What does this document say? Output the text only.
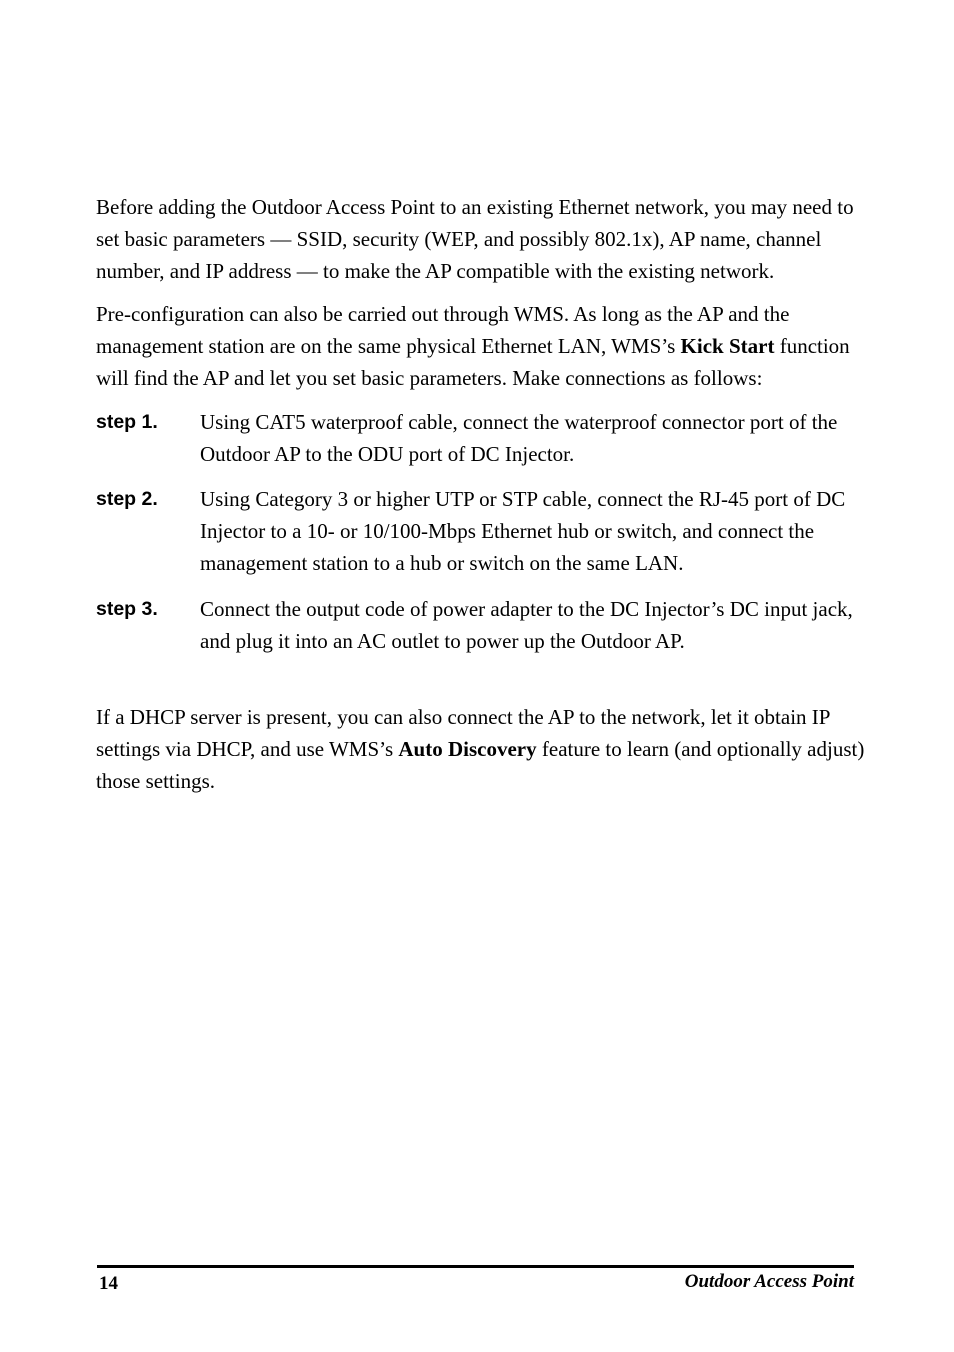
Before adding the Outdoor Access Point to an existing Ethernet network, you may need to set basic parameters — SSID, security (WEP, and possibly 802.1x), AP name, channel number, and IP address — to make the AP compatible with the existing network.

Pre-configuration can also be carried out through WMS. As long as the AP and the management station are on the same physical Ethernet LAN, WMS’s Kick Start function will find the AP and let you set basic parameters. Make connections as follows:

step 1.	Using CAT5 waterproof cable, connect the waterproof connector port of the Outdoor AP to the ODU port of DC Injector.
step 2.	Using Category 3 or higher UTP or STP cable, connect the RJ-45 port of DC Injector to a 10- or 10/100-Mbps Ethernet hub or switch, and connect the management station to a hub or switch on the same LAN.
step 3.	Connect the output code of power adapter to the DC Injector’s DC input jack, and plug it into an AC outlet to power up the Outdoor AP.

If a DHCP server is present, you can also connect the AP to the network, let it obtain IP settings via DHCP, and use WMS’s Auto Discovery feature to learn (and optionally adjust) those settings.

14	Outdoor Access Point
